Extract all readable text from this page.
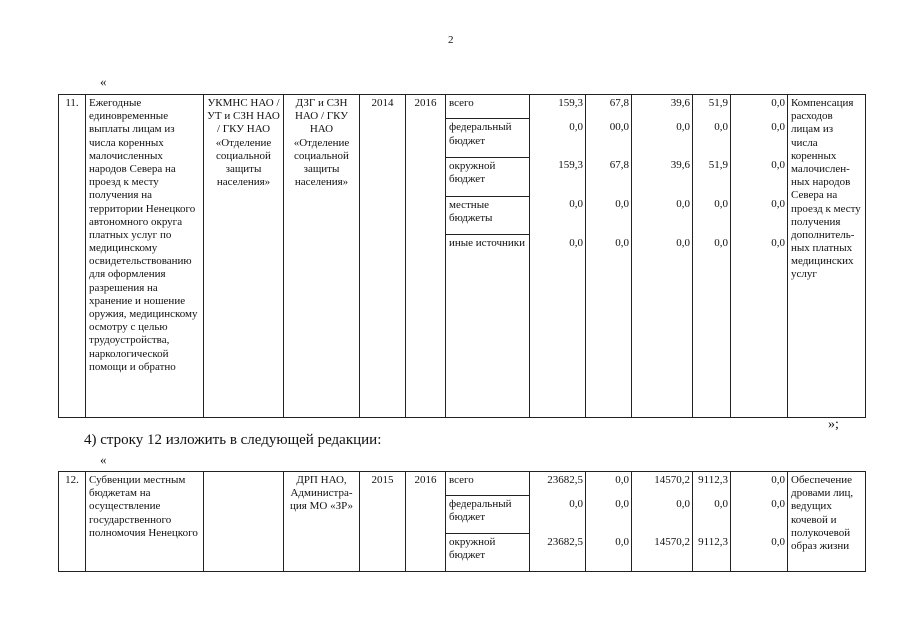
2
«
11.	Ежегодные единовременные выплаты лицам из числа коренных малочисленных народов Севера на проезд к месту получения на территории Ненецкого автономного округа платных услуг по медицинскому освидетельствованию для оформления разрешения на хранение и ношение оружия, медицинскому осмотру с целью трудоустройства, наркологической помощи и обратно	УКМНС НАО / УТ и СЗН НАО / ГКУ НАО «Отделение социальной защиты населения»	ДЗГ и СЗН НАО / ГКУ НАО «Отделение социальной защиты населения»	2014	2016	всего	159,3	67,8	39,6	51,9	0,0	Компенсация расходов лицам из числа коренных малочислен-ных народов Севера на проезд к месту получения дополнитель-ных платных медицинских услуг
						федеральный бюджет	0,0	00,0	0,0	0,0	0,0	
						окружной бюджет	159,3	67,8	39,6	51,9	0,0	
						местные бюджеты	0,0	0,0	0,0	0,0	0,0	
						иные источники	0,0	0,0	0,0	0,0	0,0	
»;
4) строку 12 изложить в следующей редакции:
«
12.	Субвенции местным бюджетам на осуществление государственного полномочия Ненецкого		ДРП НАО, Администра-ция МО «ЗР»	2015	2016	всего	23682,5	0,0	14570,2	9112,3	0,0	Обеспечение дровами лиц, ведущих кочевой и полукочевой образ жизни
						федеральный бюджет	0,0	0,0	0,0	0,0	0,0	
						окружной бюджет	23682,5	0,0	14570,2	9112,3	0,0	
